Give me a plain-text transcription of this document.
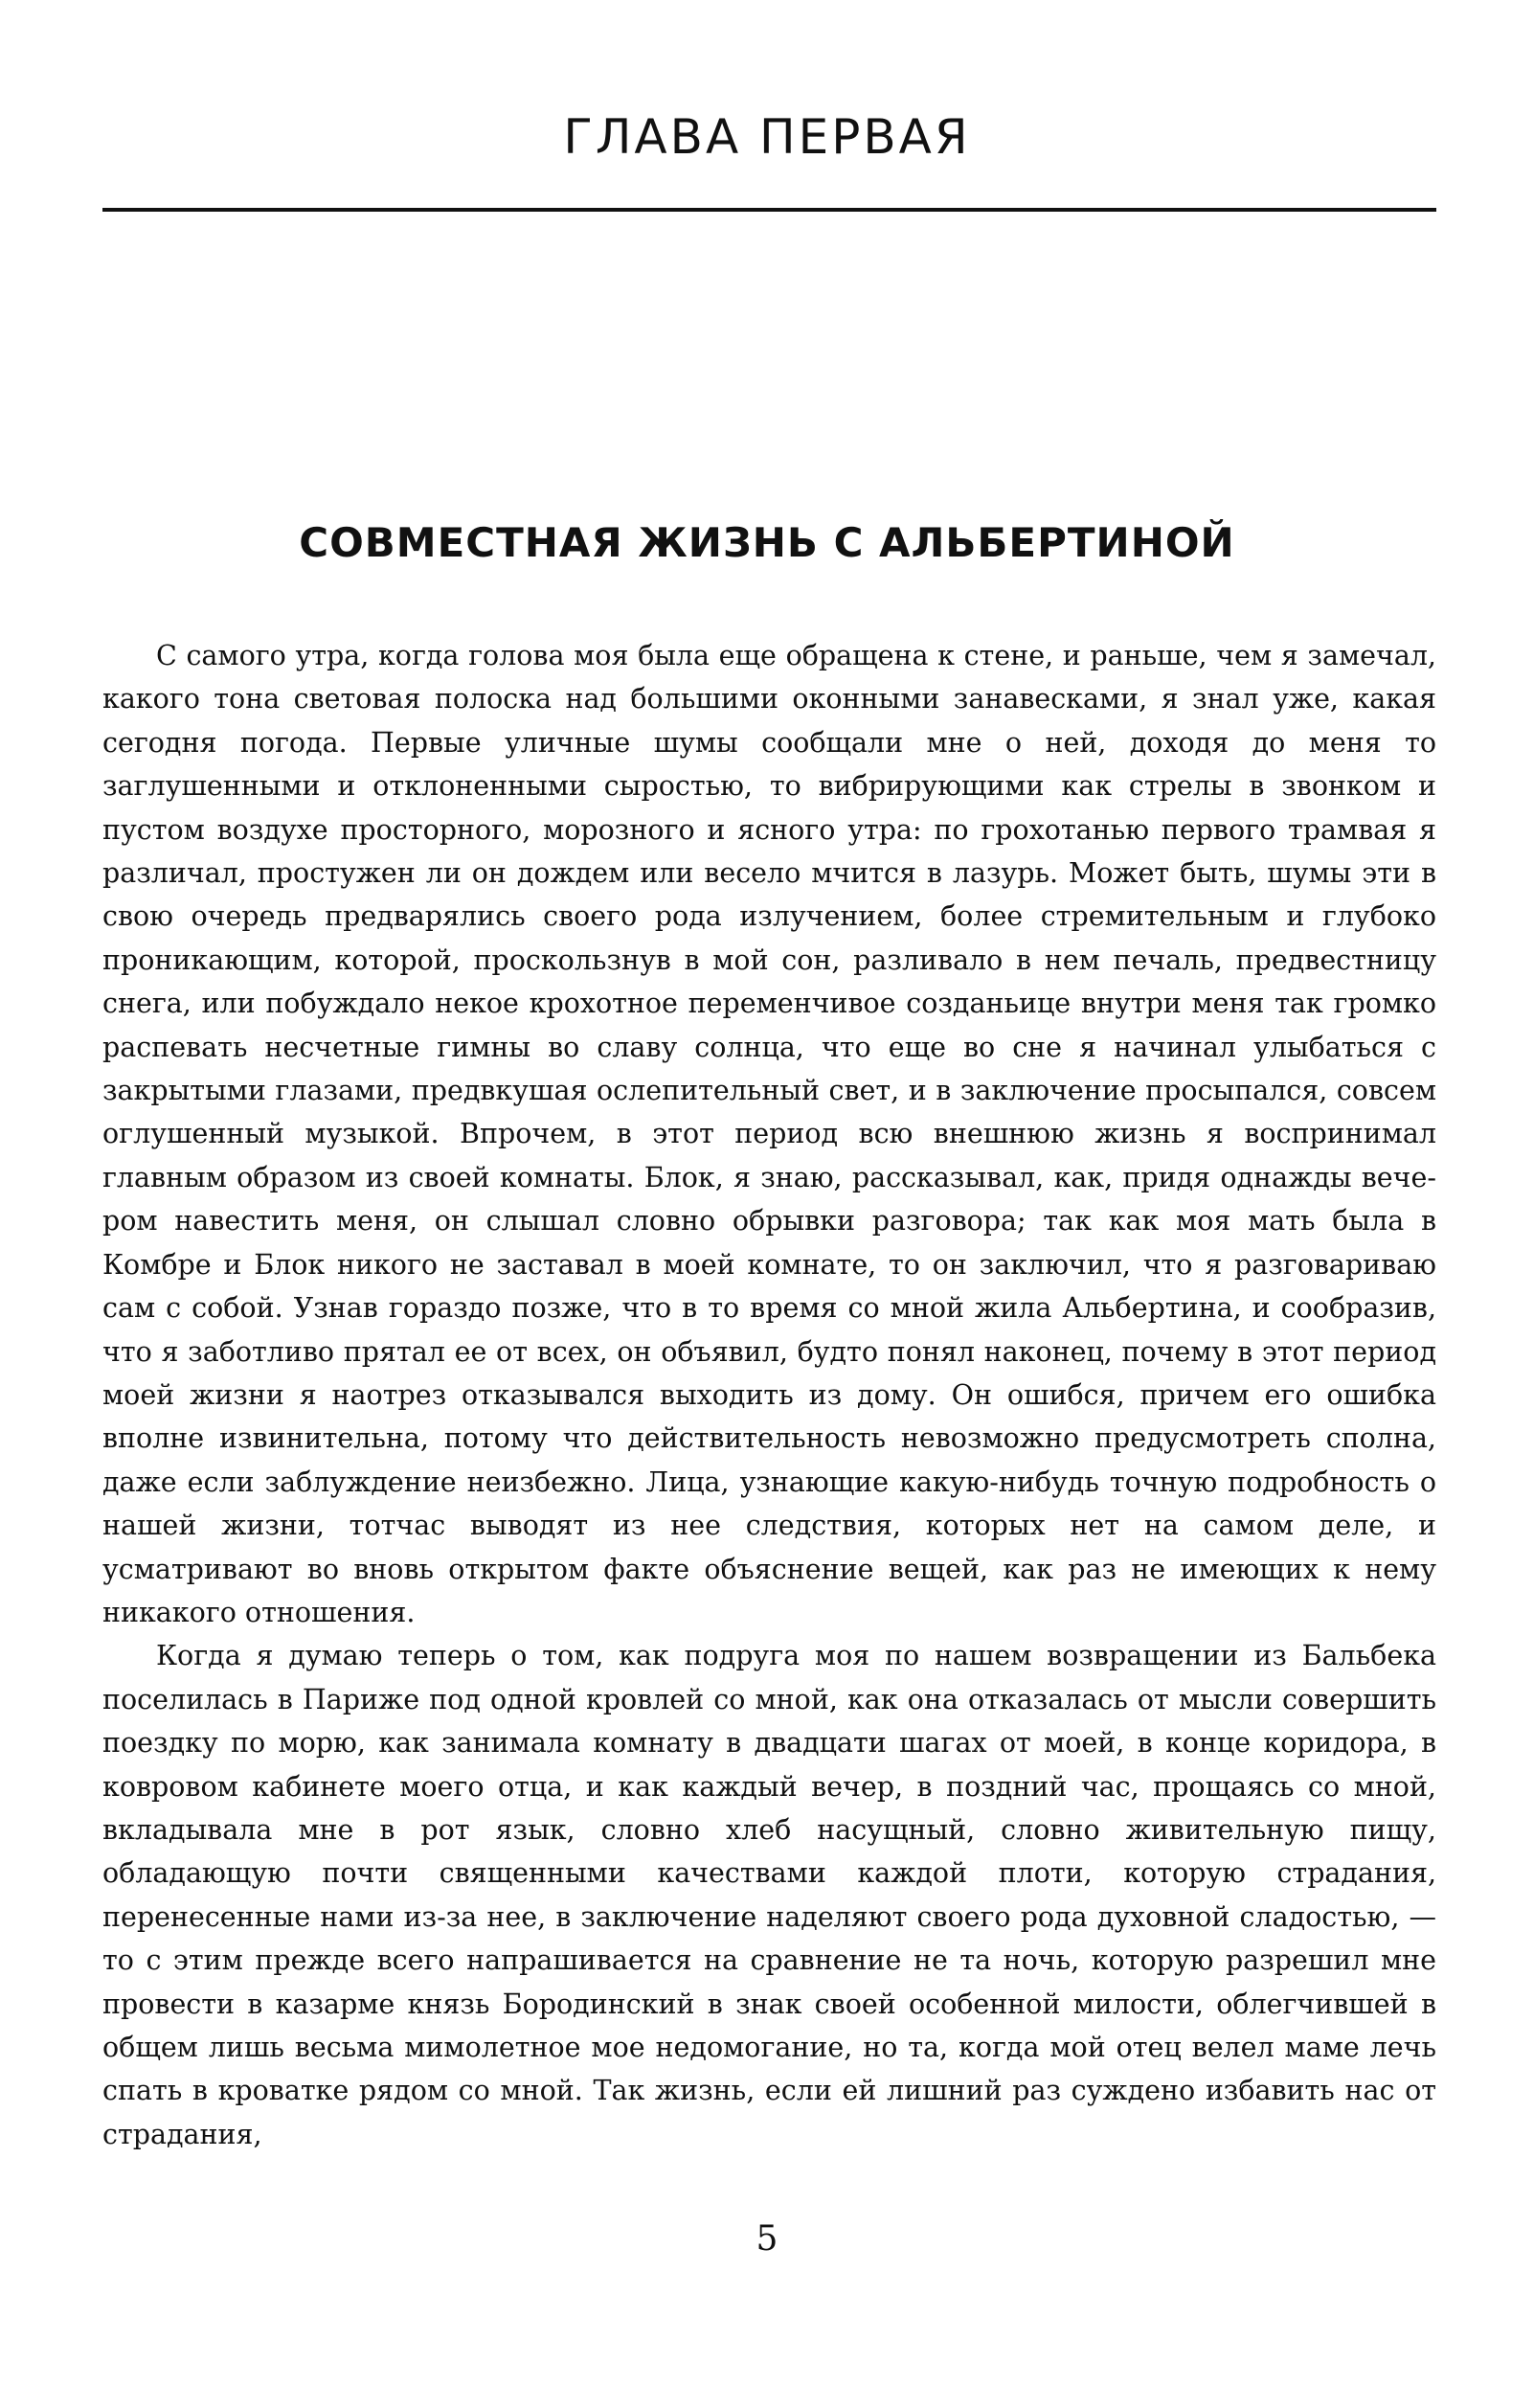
ГЛАВА ПЕРВАЯ
СОВМЕСТНАЯ ЖИЗНЬ С АЛЬБЕРТИНОЙ

С самого утра, когда голова моя была еще обращена к стене, и раньше, чем я замечал, какого тона световая полоска над большими оконными занавесками, я знал уже, какая сегодня погода. Первые уличные шумы сообщали мне о ней, доходя до меня то заглушенными и отклоненными сыростью, то вибрирующими как стрелы в звонком и пустом воздухе просторного, морозного и ясного утра: по грохотанью первого трамвая я различал, простужен ли он дождем или весело мчится в лазурь. Может быть, шумы эти в свою очередь предварялись своего рода излучением, более стремительным и глубоко проникающим, которой, проскользнув в мой сон, разливало в нем печаль, предвестницу снега, или побуждало некое крохотное переменчивое созданьице внутри меня так громко распевать несчетные гимны во славу солнца, что еще во сне я начинал улыбаться с закрытыми глазами, предвкушая ослепительный свет, и в заключение просыпался, совсем оглушенный музыкой. Впрочем, в этот период всю внешнюю жизнь я воспринимал главным образом из своей комнаты. Блок, я знаю, рассказывал, как, придя однажды вечером навестить меня, он слышал словно обрывки разговора; так как моя мать была в Комбре и Блок никого не заставал в моей комнате, то он заключил, что я разговариваю сам с собой. Узнав гораздо позже, что в то время со мной жила Альбертина, и сообразив, что я заботливо прятал ее от всех, он объявил, будто понял наконец, почему в этот период моей жизни я наотрез отказывался выходить из дому. Он ошибся, причем его ошибка вполне извинительна, потому что действительность невозможно предусмотреть сполна, даже если заблуждение неизбежно. Лица, узнающие какую-нибудь точную подробность о нашей жизни, тотчас выводят из нее следствия, которых нет на самом деле, и усматривают во вновь открытом факте объяснение вещей, как раз не имеющих к нему никакого отношения.

Когда я думаю теперь о том, как подруга моя по нашем возвращении из Бальбека поселилась в Париже под одной кровлей со мной, как она отказалась от мысли совершить поездку по морю, как занимала комнату в двадцати шагах от моей, в конце коридора, в ковровом кабинете моего отца, и как каждый вечер, в поздний час, прощаясь со мной, вкладывала мне в рот язык, словно хлеб насущный, словно живительную пищу, обладающую почти священными качествами каждой плоти, которую страдания, перенесенные нами из-за нее, в заключение наделяют своего рода духовной сладостью, — то с этим прежде всего напрашивается на сравнение не та ночь, которую разрешил мне провести в казарме князь Бородинский в знак своей особенной милости, облегчившей в общем лишь весьма мимолетное мое недомогание, но та, когда мой отец велел маме лечь спать в кроватке рядом со мной. Так жизнь, если ей лишний раз суждено избавить нас от страдания,

5
